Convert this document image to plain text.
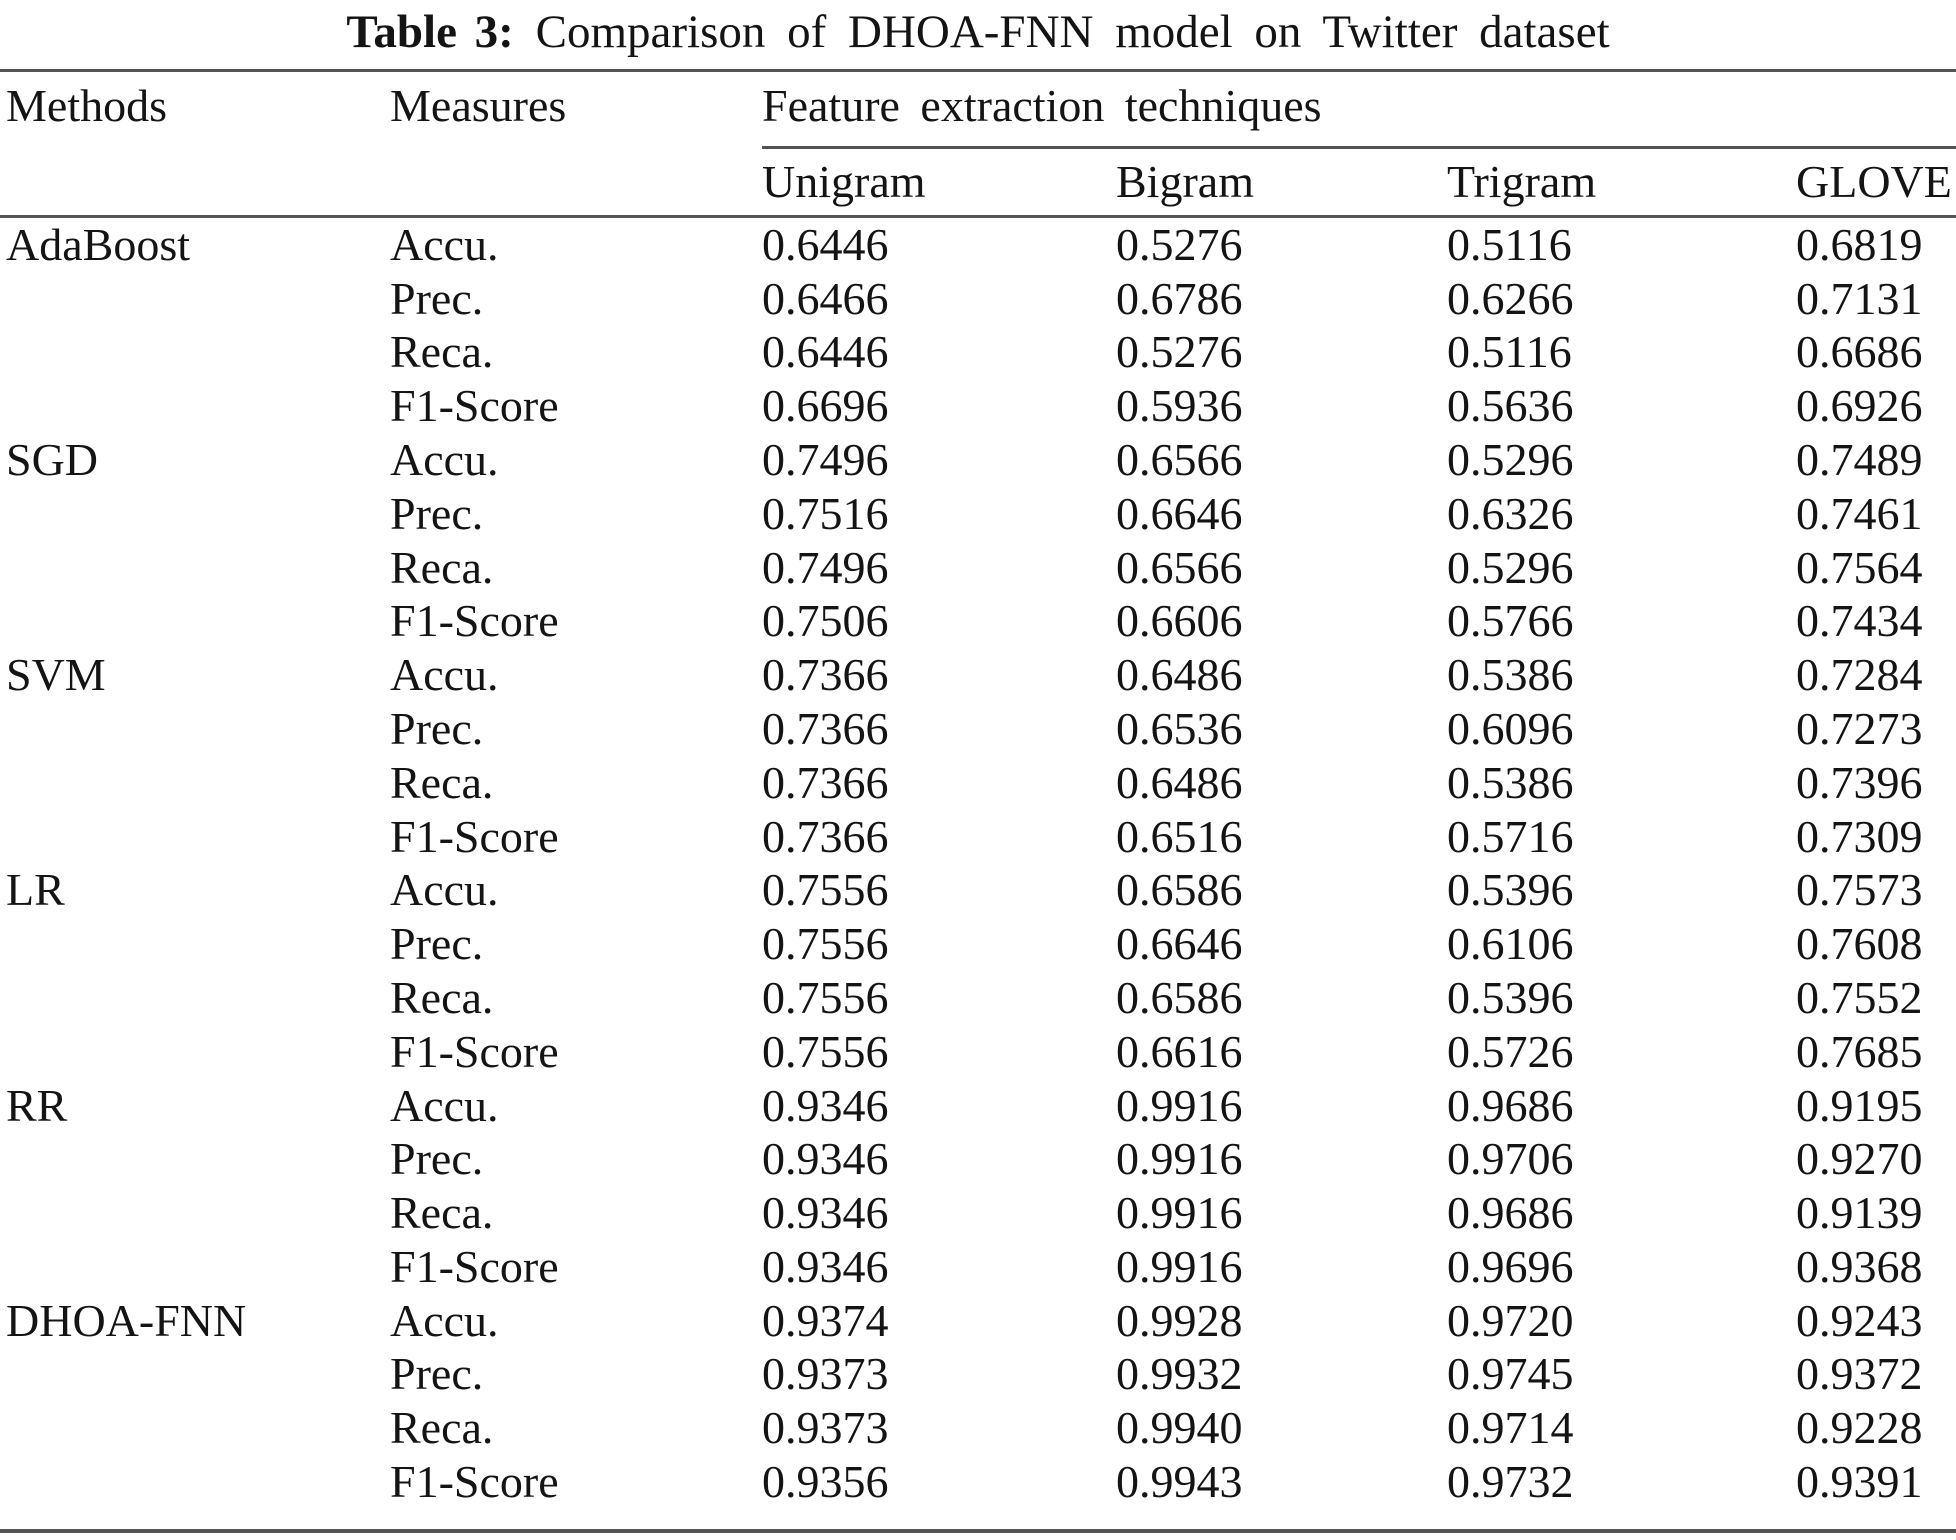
Table 3: Comparison of DHOA-FNN model on Twitter dataset
Methods	Measures	Feature extraction techniques
Unigram	Bigram	Trigram	GLOVE
AdaBoost	Accu.	0.6446	0.5276	0.5116	0.6819
Prec.	0.6466	0.6786	0.6266	0.7131
Reca.	0.6446	0.5276	0.5116	0.6686
F1-Score	0.6696	0.5936	0.5636	0.6926
SGD	Accu.	0.7496	0.6566	0.5296	0.7489
Prec.	0.7516	0.6646	0.6326	0.7461
Reca.	0.7496	0.6566	0.5296	0.7564
F1-Score	0.7506	0.6606	0.5766	0.7434
SVM	Accu.	0.7366	0.6486	0.5386	0.7284
Prec.	0.7366	0.6536	0.6096	0.7273
Reca.	0.7366	0.6486	0.5386	0.7396
F1-Score	0.7366	0.6516	0.5716	0.7309
LR	Accu.	0.7556	0.6586	0.5396	0.7573
Prec.	0.7556	0.6646	0.6106	0.7608
Reca.	0.7556	0.6586	0.5396	0.7552
F1-Score	0.7556	0.6616	0.5726	0.7685
RR	Accu.	0.9346	0.9916	0.9686	0.9195
Prec.	0.9346	0.9916	0.9706	0.9270
Reca.	0.9346	0.9916	0.9686	0.9139
F1-Score	0.9346	0.9916	0.9696	0.9368
DHOA-FNN	Accu.	0.9374	0.9928	0.9720	0.9243
Prec.	0.9373	0.9932	0.9745	0.9372
Reca.	0.9373	0.9940	0.9714	0.9228
F1-Score	0.9356	0.9943	0.9732	0.9391
